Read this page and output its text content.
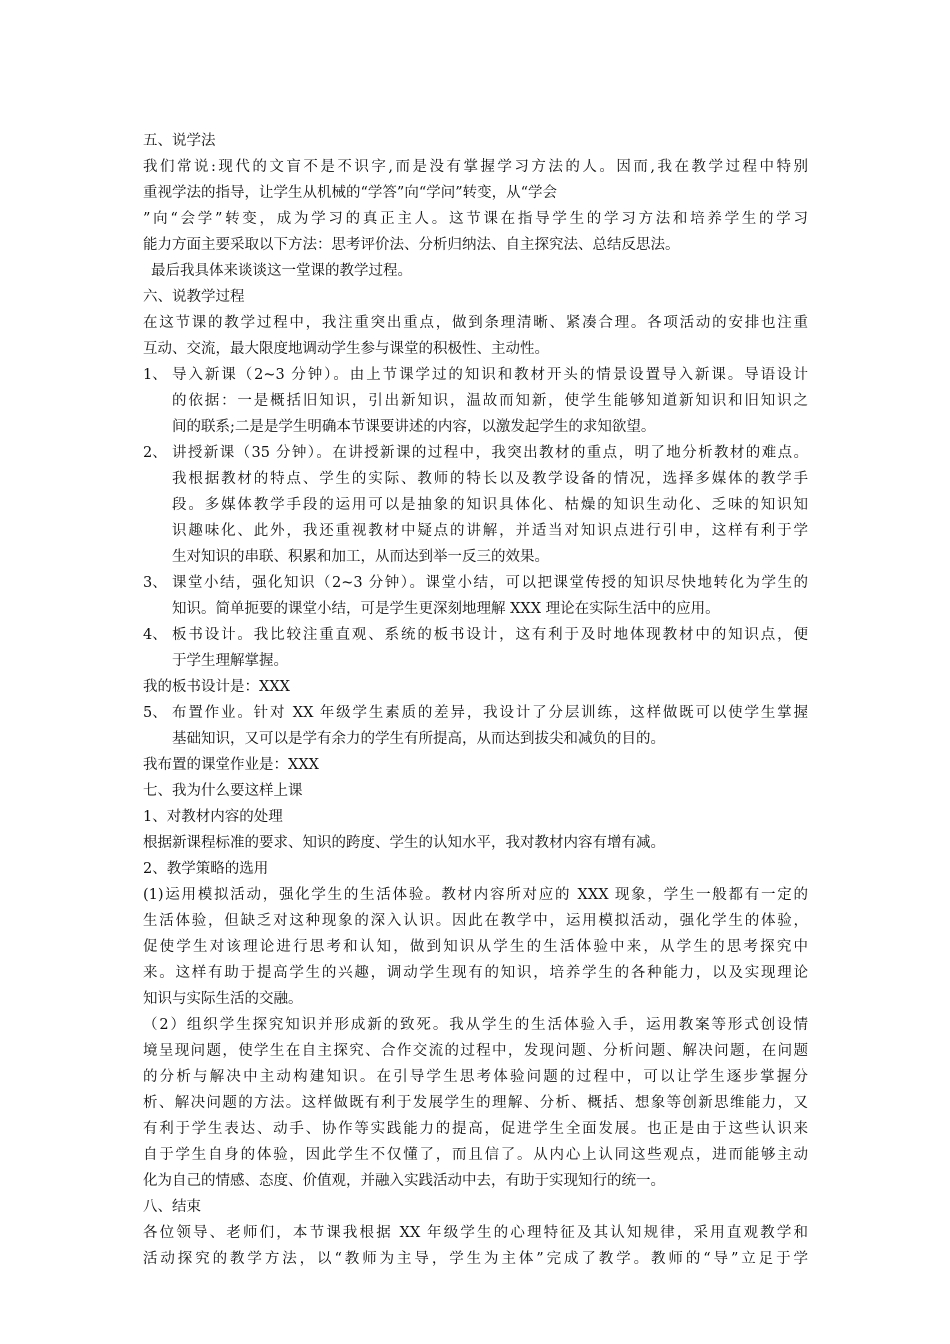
五、说学法
我们常说:现代的文盲不是不识字,而是没有掌握学习方法的人。因而,我在教学过程中特别
重视学法的指导，让学生从机械的“学答”向“学问”转变，从“学会
”向“会学”转变，成为学习的真正主人。这节课在指导学生的学习方法和培养学生的学习
能力方面主要采取以下方法：思考评价法、分析归纳法、自主探究法、总结反思法。
最后我具体来谈谈这一堂课的教学过程。
六、说教学过程
在这节课的教学过程中，我注重突出重点，做到条理清晰、紧凑合理。各项活动的安排也注重
互动、交流，最大限度地调动学生参与课堂的积极性、主动性。
1、 导入新课（2~3 分钟）。由上节课学过的知识和教材开头的情景设置导入新课。导语设计
的依据：一是概括旧知识，引出新知识，温故而知新，使学生能够知道新知识和旧知识之
间的联系;二是是学生明确本节课要讲述的内容，以激发起学生的求知欲望。
2、 讲授新课（35 分钟）。在讲授新课的过程中，我突出教材的重点，明了地分析教材的难点。
我根据教材的特点、学生的实际、教师的特长以及教学设备的情况，选择多媒体的教学手
段。多媒体教学手段的运用可以是抽象的知识具体化、枯燥的知识生动化、乏味的知识知
识趣味化、此外，我还重视教材中疑点的讲解，并适当对知识点进行引申，这样有利于学
生对知识的串联、积累和加工，从而达到举一反三的效果。
3、 课堂小结，强化知识（2~3 分钟）。课堂小结，可以把课堂传授的知识尽快地转化为学生的
知识。简单扼要的课堂小结，可是学生更深刻地理解 XXX 理论在实际生活中的应用。
4、 板书设计。我比较注重直观、系统的板书设计，这有利于及时地体现教材中的知识点，便
于学生理解掌握。
我的板书设计是：XXX
5、 布置作业。针对 XX 年级学生素质的差异，我设计了分层训练，这样做既可以使学生掌握
基础知识，又可以是学有余力的学生有所提高，从而达到拔尖和减负的目的。
我布置的课堂作业是：XXX
七、我为什么要这样上课
1、对教材内容的处理
根据新课程标准的要求、知识的跨度、学生的认知水平，我对教材内容有增有减。
2、教学策略的选用
(1)运用模拟活动，强化学生的生活体验。教材内容所对应的 XXX 现象，学生一般都有一定的
生活体验，但缺乏对这种现象的深入认识。因此在教学中，运用模拟活动，强化学生的体验，
促使学生对该理论进行思考和认知，做到知识从学生的生活体验中来，从学生的思考探究中
来。这样有助于提高学生的兴趣，调动学生现有的知识，培养学生的各种能力，以及实现理论
知识与实际生活的交融。
（2）组织学生探究知识并形成新的致死。我从学生的生活体验入手，运用教案等形式创设情
境呈现问题，使学生在自主探究、合作交流的过程中，发现问题、分析问题、解决问题，在问题
的分析与解决中主动构建知识。在引导学生思考体验问题的过程中，可以让学生逐步掌握分
析、解决问题的方法。这样做既有利于发展学生的理解、分析、概括、想象等创新思维能力，又
有利于学生表达、动手、协作等实践能力的提高，促进学生全面发展。也正是由于这些认识来
自于学生自身的体验，因此学生不仅懂了，而且信了。从内心上认同这些观点，进而能够主动
化为自己的情感、态度、价值观，并融入实践活动中去，有助于实现知行的统一。
八、结束
各位领导、老师们，本节课我根据 XX 年级学生的心理特征及其认知规律，采用直观教学和
活动探究的教学方法，以“教师为主导，学生为主体”完成了教学。教师的“导”立足于学
